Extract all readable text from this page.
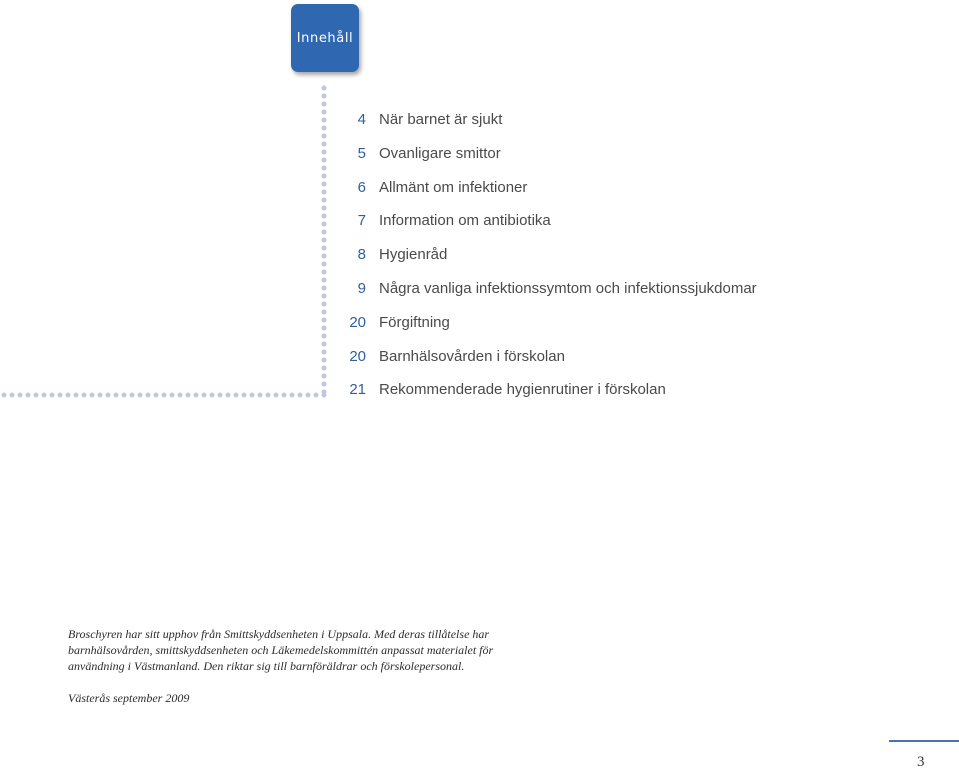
Innehåll
4 När barnet är sjukt
5 Ovanligare smittor
6 Allmänt om infektioner
7 Information om antibiotika
8 Hygienråd
9 Några vanliga infektionssymtom och infektionssjukdomar
20 Förgiftning
20 Barnhälsovården i förskolan
21 Rekommenderade hygienrutiner i förskolan

Broschyren har sitt upphov från Smittskyddsenheten i Uppsala. Med deras tillåtelse har barnhälsovården, smittskyddsenheten och Läkemedelskommittén anpassat materialet för användning i Västmanland. Den riktar sig till barnföräldrar och förskolepersonal.

Västerås september 2009
3
